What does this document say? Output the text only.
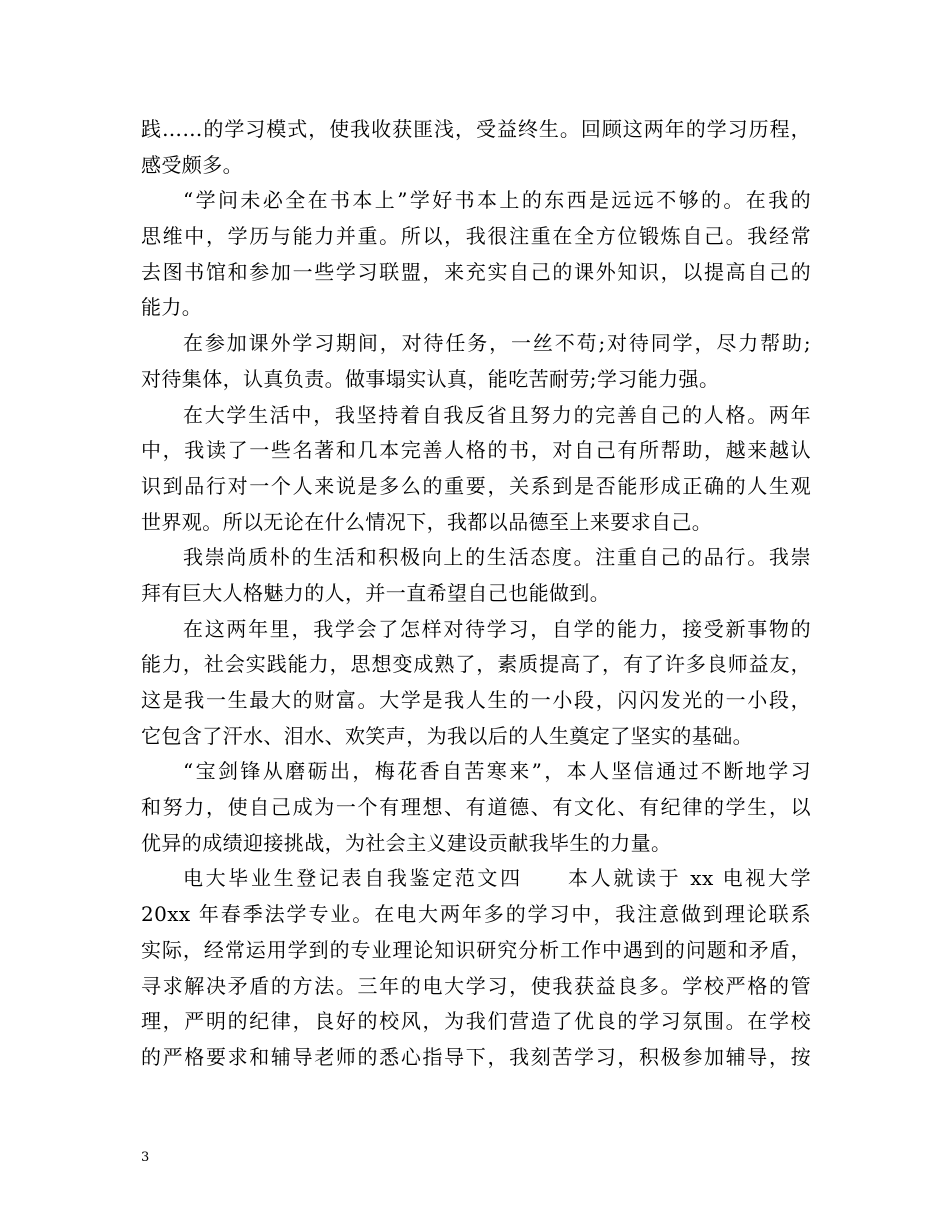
践……的学习模式，使我收获匪浅，受益终生。回顾这两年的学习历程，
感受颇多。
“学问未必全在书本上”学好书本上的东西是远远不够的。在我的
思维中，学历与能力并重。所以，我很注重在全方位锻炼自己。我经常
去图书馆和参加一些学习联盟，来充实自己的课外知识，以提高自己的
能力。
在参加课外学习期间，对待任务，一丝不苟;对待同学，尽力帮助;
对待集体，认真负责。做事塌实认真，能吃苦耐劳;学习能力强。
在大学生活中，我坚持着自我反省且努力的完善自己的人格。两年
中，我读了一些名著和几本完善人格的书，对自己有所帮助，越来越认
识到品行对一个人来说是多么的重要，关系到是否能形成正确的人生观
世界观。所以无论在什么情况下，我都以品德至上来要求自己。
我崇尚质朴的生活和积极向上的生活态度。注重自己的品行。我崇
拜有巨大人格魅力的人，并一直希望自己也能做到。
在这两年里，我学会了怎样对待学习，自学的能力，接受新事物的
能力，社会实践能力，思想变成熟了，素质提高了，有了许多良师益友，
这是我一生最大的财富。大学是我人生的一小段，闪闪发光的一小段，
它包含了汗水、泪水、欢笑声，为我以后的人生奠定了坚实的基础。
“宝剑锋从磨砺出，梅花香自苦寒来”，本人坚信通过不断地学习
和努力，使自己成为一个有理想、有道德、有文化、有纪律的学生，以
优异的成绩迎接挑战，为社会主义建设贡献我毕生的力量。
电大毕业生登记表自我鉴定范文四　　本人就读于 xx 电视大学
20xx 年春季法学专业。在电大两年多的学习中，我注意做到理论联系
实际，经常运用学到的专业理论知识研究分析工作中遇到的问题和矛盾，
寻求解决矛盾的方法。三年的电大学习，使我获益良多。学校严格的管
理，严明的纪律，良好的校风，为我们营造了优良的学习氛围。在学校
的严格要求和辅导老师的悉心指导下，我刻苦学习，积极参加辅导，按
3
